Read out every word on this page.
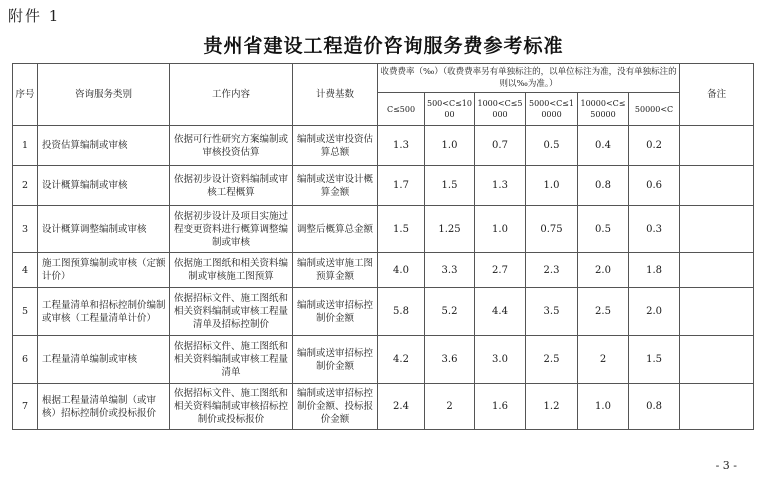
附件 1
贵州省建设工程造价咨询服务费参考标准
序号	咨询服务类别	工作内容	计费基数	收费费率（‰）（收费费率另有单独标注的，以单位标注为准，没有单独标注的则以‰为准。）						备注
				C≤500	500<C≤1000	1000<C≤5000	5000<C≤10000	10000<C≤50000	50000<C	
1	投资估算编制或审核	依据可行性研究方案编制或审核投资估算	编制或送审投资估算总额	1.3	1.0	0.7	0.5	0.4	0.2	
2	设计概算编制或审核	依据初步设计资料编制或审核工程概算	编制或送审设计概算金额	1.7	1.5	1.3	1.0	0.8	0.6	
3	设计概算调整编制或审核	依据初步设计及项目实施过程变更资料进行概算调整编制或审核	调整后概算总金额	1.5	1.25	1.0	0.75	0.5	0.3	
4	施工图预算编制或审核（定额计价）	依据施工图纸和相关资料编制或审核施工图预算	编制或送审施工图预算金额	4.0	3.3	2.7	2.3	2.0	1.8	
5	工程量清单和招标控制价编制或审核（工程量清单计价）	依据招标文件、施工图纸和相关资料编制或审核工程量清单及招标控制价	编制或送审招标控制价金额	5.8	5.2	4.4	3.5	2.5	2.0	
6	工程量清单编制或审核	依据招标文件、施工图纸和相关资料编制或审核工程量清单	编制或送审招标控制价金额	4.2	3.6	3.0	2.5	2	1.5	
7	根据工程量清单编制（或审核）招标控制价或投标报价	依据招标文件、施工图纸和相关资料编制或审核招标控制价或投标报价	编制或送审招标控制价金额、投标报价金额	2.4	2	1.6	1.2	1.0	0.8	
- 3 -
